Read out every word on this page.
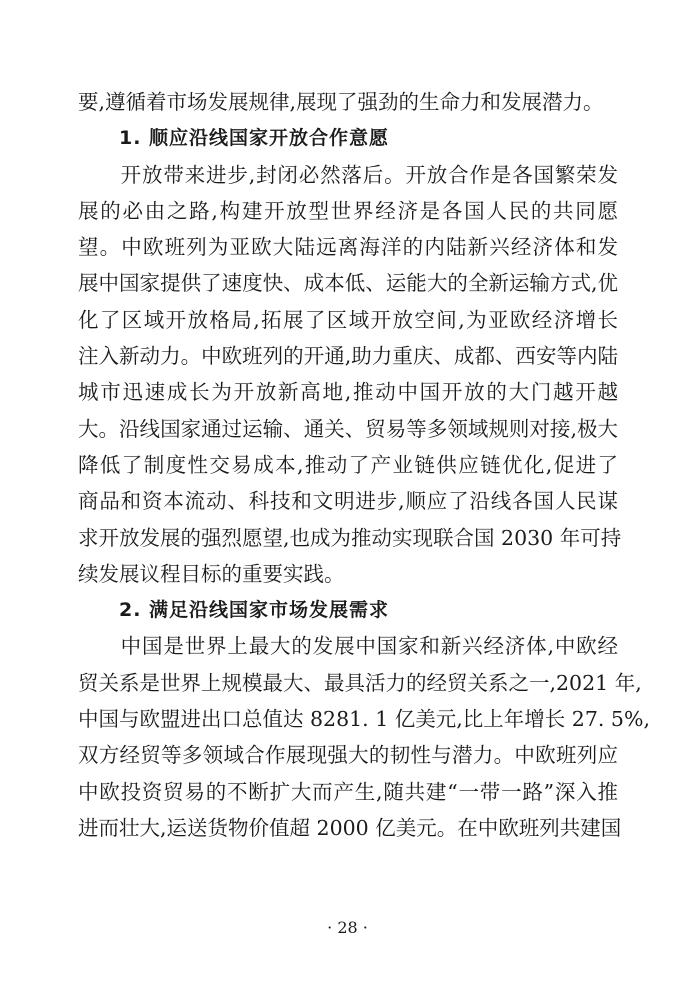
要,遵循着市场发展规律,展现了强劲的生命力和发展潜力。
1. 顺应沿线国家开放合作意愿
　　开放带来进步,封闭必然落后。开放合作是各国繁荣发
展的必由之路,构建开放型世界经济是各国人民的共同愿
望。中欧班列为亚欧大陆远离海洋的内陆新兴经济体和发
展中国家提供了速度快、成本低、运能大的全新运输方式,优
化了区域开放格局,拓展了区域开放空间,为亚欧经济增长
注入新动力。中欧班列的开通,助力重庆、成都、西安等内陆
城市迅速成长为开放新高地,推动中国开放的大门越开越
大。沿线国家通过运输、通关、贸易等多领域规则对接,极大
降低了制度性交易成本,推动了产业链供应链优化,促进了
商品和资本流动、科技和文明进步,顺应了沿线各国人民谋
求开放发展的强烈愿望,也成为推动实现联合国 2030 年可持
续发展议程目标的重要实践。
2. 满足沿线国家市场发展需求
　　中国是世界上最大的发展中国家和新兴经济体,中欧经
贸关系是世界上规模最大、最具活力的经贸关系之一,2021 年,
中国与欧盟进出口总值达 8281. 1 亿美元,比上年增长 27. 5%,
双方经贸等多领域合作展现强大的韧性与潜力。中欧班列应
中欧投资贸易的不断扩大而产生,随共建“一带一路”深入推
进而壮大,运送货物价值超 2000 亿美元。在中欧班列共建国
· 28 ·
